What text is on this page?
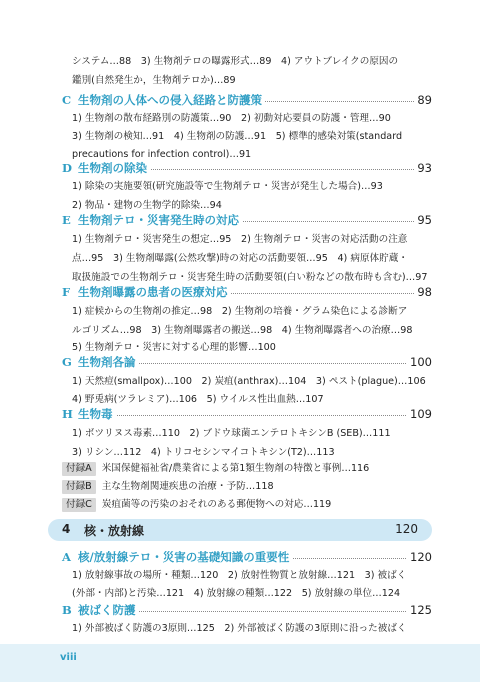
システム…88　3) 生物剤テロの曝露形式…89　4) アウトブレイクの原因の
鑑別(自然発生か，生物剤テロか)…89
C 生物剤の人体への侵入経路と防護策	89
1) 生物剤の散布経路別の防護策…90　2) 初動対応要員の防護・管理…90
3) 生物剤の検知…91　4) 生物剤の防護…91　5) 標準的感染対策(standard
precautions for infection control)…91
D 生物剤の除染	93
1) 除染の実施要領(研究施設等で生物剤テロ・災害が発生した場合)…93
2) 物品・建物の生物学的除染…94
E 生物剤テロ・災害発生時の対応	95
1) 生物剤テロ・災害発生の想定…95　2) 生物剤テロ・災害の対応活動の注意
点…95　3) 生物剤曝露(公然攻撃)時の対応の活動要領…95　4) 病原体貯蔵・
取扱施設での生物剤テロ・災害発生時の活動要領(白い粉などの散布時も含む)…97
F 生物剤曝露の患者の医療対応	98
1) 症候からの生物剤の推定…98　2) 生物剤の培養・グラム染色による診断ア
ルゴリズム…98　3) 生物剤曝露者の搬送…98　4) 生物剤曝露者への治療…98
5) 生物剤テロ・災害に対する心理的影響…100
G 生物剤各論	100
1) 天然痘(smallpox)…100　2) 炭疽(anthrax)…104　3) ペスト(plague)…106
4) 野兎病(ツラレミア)…106　5) ウイルス性出血熱…107
H 生物毒	109
1) ボツリヌス毒素…110　2) ブドウ球菌エンテロトキシンB (SEB)…111
3) リシン…112　4) トリコセシンマイコトキシン(T2)…113
付録A 米国保健福祉省/農業省による第1類生物剤の特徴と事例…116
付録B 主な生物剤関連疾患の治療・予防…118
付録C 炭疽菌等の汚染のおそれのある郵便物への対応…119
4 核・放射線	120
A 核/放射線テロ・災害の基礎知識の重要性	120
1) 放射線事故の場所・種類…120　2) 放射性物質と放射線…121　3) 被ばく
(外部・内部)と汚染…121　4) 放射線の種類…122　5) 放射線の単位…124
B 被ばく防護	125
1) 外部被ばく防護の3原則…125　2) 外部被ばく防護の3原則に沿った被ばく
viii
